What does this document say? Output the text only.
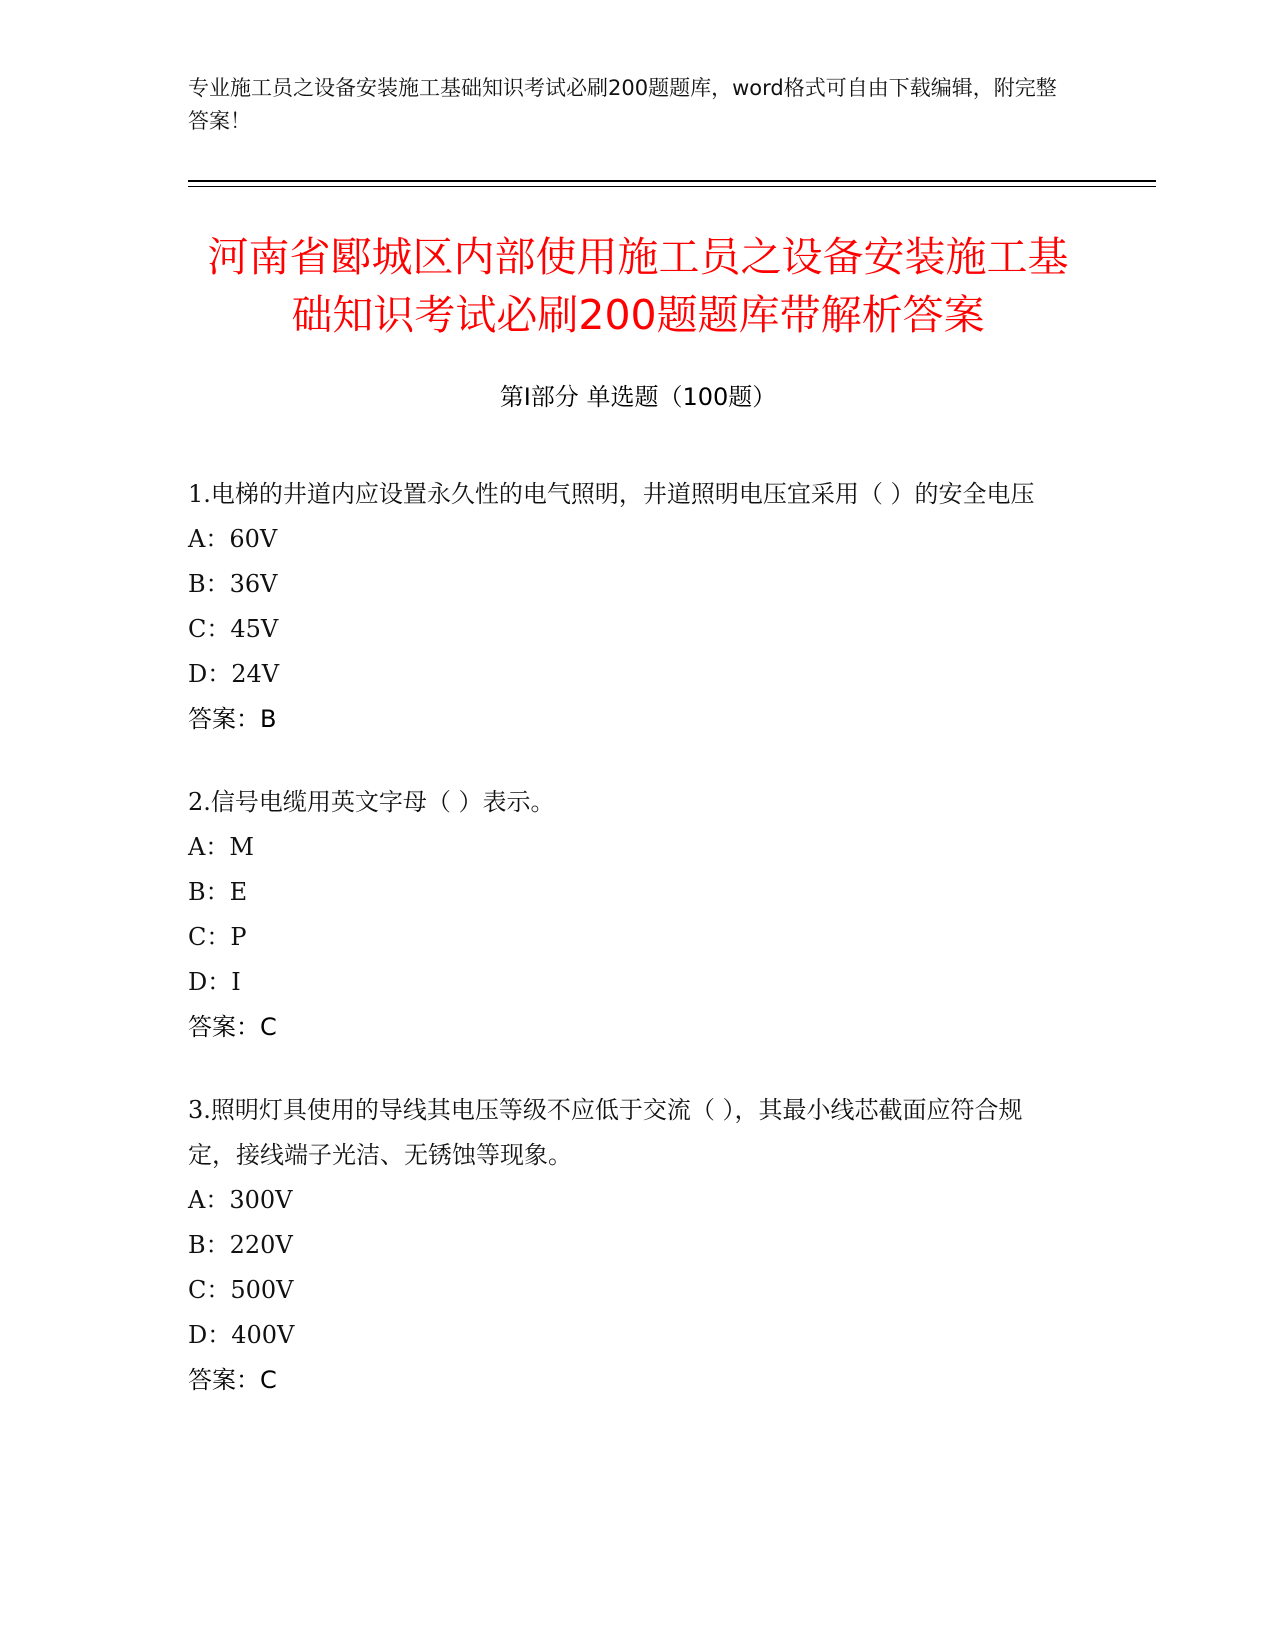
专业施工员之设备安装施工基础知识考试必刷200题题库，word格式可自由下载编辑，附完整答案！
河南省郾城区内部使用施工员之设备安装施工基础知识考试必刷200题题库带解析答案
第Ⅰ部分 单选题（100题）
1.电梯的井道内应设置永久性的电气照明，井道照明电压宜采用（ ）的安全电压
A：60V
B：36V
C：45V
D：24V
答案：B
2.信号电缆用英文字母（ ）表示。
A：M
B：E
C：P
D：I
答案：C
3.照明灯具使用的导线其电压等级不应低于交流（ ），其最小线芯截面应符合规定，接线端子光洁、无锈蚀等现象。
A：300V
B：220V
C：500V
D：400V
答案：C
